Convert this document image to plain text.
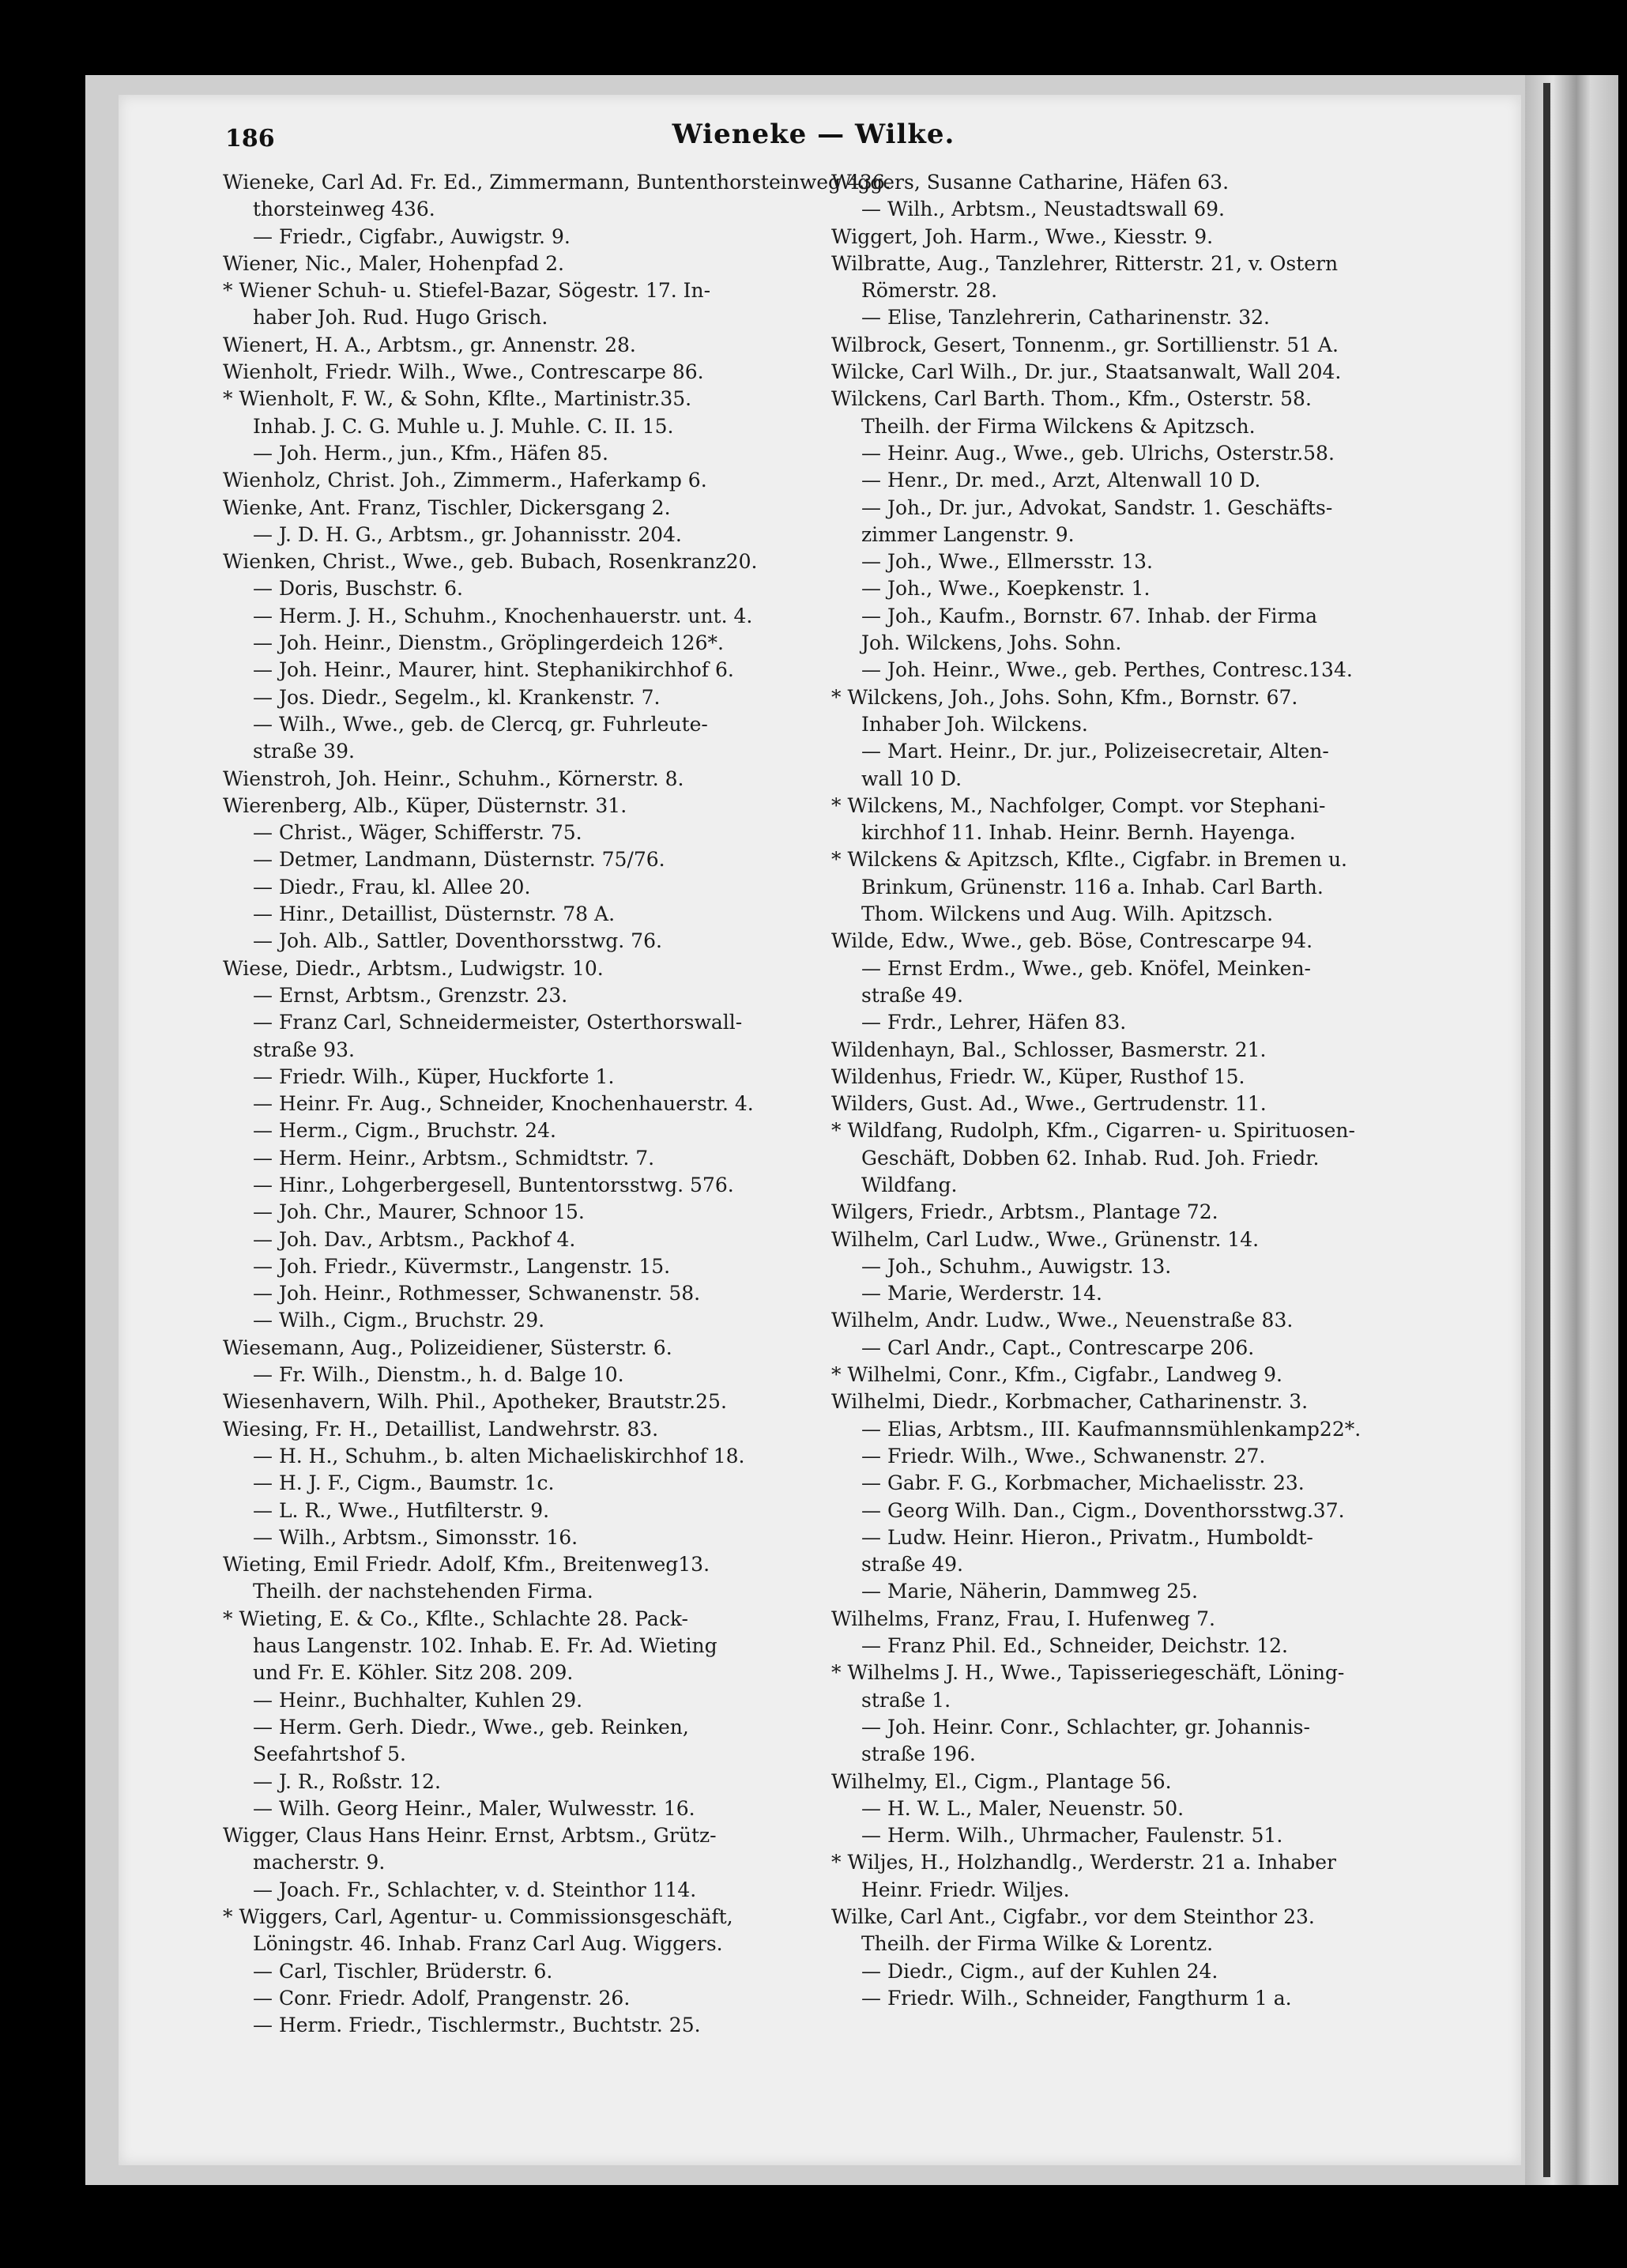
186	Wieneke — Wilke.
Wieneke, Carl Ad. Fr. Ed., Zimmermann, Buntenthorsteinweg 436.
thorsteinweg 436.
— Friedr., Cigfabr., Auwigstr. 9.
Wiener, Nic., Maler, Hohenpfad 2.
* Wiener Schuh- u. Stiefel-Bazar, Sögestr. 17. In-
haber Joh. Rud. Hugo Grisch.
Wienert, H. A., Arbtsm., gr. Annenstr. 28.
Wienholt, Friedr. Wilh., Wwe., Contrescarpe 86.
* Wienholt, F. W., & Sohn, Kflte., Martinistr.35.
Inhab. J. C. G. Muhle u. J. Muhle. C. II. 15.
— Joh. Herm., jun., Kfm., Häfen 85.
Wienholz, Christ. Joh., Zimmerm., Haferkamp 6.
Wienke, Ant. Franz, Tischler, Dickersgang 2.
— J. D. H. G., Arbtsm., gr. Johannisstr. 204.
Wienken, Christ., Wwe., geb. Bubach, Rosenkranz20.
— Doris, Buschstr. 6.
— Herm. J. H., Schuhm., Knochenhauerstr. unt. 4.
— Joh. Heinr., Dienstm., Gröplingerdeich 126*.
— Joh. Heinr., Maurer, hint. Stephanikirchhof 6.
— Jos. Diedr., Segelm., kl. Krankenstr. 7.
— Wilh., Wwe., geb. de Clercq, gr. Fuhrleute-
straße 39.
Wienstroh, Joh. Heinr., Schuhm., Körnerstr. 8.
Wierenberg, Alb., Küper, Düsternstr. 31.
— Christ., Wäger, Schifferstr. 75.
— Detmer, Landmann, Düsternstr. 75/76.
— Diedr., Frau, kl. Allee 20.
— Hinr., Detaillist, Düsternstr. 78 A.
— Joh. Alb., Sattler, Doventhorsstwg. 76.
Wiese, Diedr., Arbtsm., Ludwigstr. 10.
— Ernst, Arbtsm., Grenzstr. 23.
— Franz Carl, Schneidermeister, Osterthorswall-
straße 93.
— Friedr. Wilh., Küper, Huckforte 1.
— Heinr. Fr. Aug., Schneider, Knochenhauerstr. 4.
— Herm., Cigm., Bruchstr. 24.
— Herm. Heinr., Arbtsm., Schmidtstr. 7.
— Hinr., Lohgerbergesell, Buntentorsstwg. 576.
— Joh. Chr., Maurer, Schnoor 15.
— Joh. Dav., Arbtsm., Packhof 4.
— Joh. Friedr., Küvermstr., Langenstr. 15.
— Joh. Heinr., Rothmesser, Schwanenstr. 58.
— Wilh., Cigm., Bruchstr. 29.
Wiesemann, Aug., Polizeidiener, Süsterstr. 6.
— Fr. Wilh., Dienstm., h. d. Balge 10.
Wiesenhavern, Wilh. Phil., Apotheker, Brautstr.25.
Wiesing, Fr. H., Detaillist, Landwehrstr. 83.
— H. H., Schuhm., b. alten Michaeliskirchhof 18.
— H. J. F., Cigm., Baumstr. 1c.
— L. R., Wwe., Hutfilterstr. 9.
— Wilh., Arbtsm., Simonsstr. 16.
Wieting, Emil Friedr. Adolf, Kfm., Breitenweg13.
Theilh. der nachstehenden Firma.
* Wieting, E. & Co., Kflte., Schlachte 28. Pack-
haus Langenstr. 102. Inhab. E. Fr. Ad. Wieting
und Fr. E. Köhler. Sitz 208. 209.
— Heinr., Buchhalter, Kuhlen 29.
— Herm. Gerh. Diedr., Wwe., geb. Reinken,
Seefahrtshof 5.
— J. R., Roßstr. 12.
— Wilh. Georg Heinr., Maler, Wulwesstr. 16.
Wigger, Claus Hans Heinr. Ernst, Arbtsm., Grütz-
macherstr. 9.
— Joach. Fr., Schlachter, v. d. Steinthor 114.
* Wiggers, Carl, Agentur- u. Commissionsgeschäft,
Löningstr. 46. Inhab. Franz Carl Aug. Wiggers.
— Carl, Tischler, Brüderstr. 6.
— Conr. Friedr. Adolf, Prangenstr. 26.
— Herm. Friedr., Tischlermstr., Buchtstr. 25.
Wiggers, Susanne Catharine, Häfen 63.
— Wilh., Arbtsm., Neustadtswall 69.
Wiggert, Joh. Harm., Wwe., Kiesstr. 9.
Wilbratte, Aug., Tanzlehrer, Ritterstr. 21, v. Ostern
Römerstr. 28.
— Elise, Tanzlehrerin, Catharinenstr. 32.
Wilbrock, Gesert, Tonnenm., gr. Sortillienstr. 51 A.
Wilcke, Carl Wilh., Dr. jur., Staatsanwalt, Wall 204.
Wilckens, Carl Barth. Thom., Kfm., Osterstr. 58.
Theilh. der Firma Wilckens & Apitzsch.
— Heinr. Aug., Wwe., geb. Ulrichs, Osterstr.58.
— Henr., Dr. med., Arzt, Altenwall 10 D.
— Joh., Dr. jur., Advokat, Sandstr. 1. Geschäfts-
zimmer Langenstr. 9.
— Joh., Wwe., Ellmersstr. 13.
— Joh., Wwe., Koepkenstr. 1.
— Joh., Kaufm., Bornstr. 67. Inhab. der Firma
Joh. Wilckens, Johs. Sohn.
— Joh. Heinr., Wwe., geb. Perthes, Contresc.134.
* Wilckens, Joh., Johs. Sohn, Kfm., Bornstr. 67.
Inhaber Joh. Wilckens.
— Mart. Heinr., Dr. jur., Polizeisecretair, Alten-
wall 10 D.
* Wilckens, M., Nachfolger, Compt. vor Stephani-
kirchhof 11. Inhab. Heinr. Bernh. Hayenga.
* Wilckens & Apitzsch, Kflte., Cigfabr. in Bremen u.
Brinkum, Grünenstr. 116 a. Inhab. Carl Barth.
Thom. Wilckens und Aug. Wilh. Apitzsch.
Wilde, Edw., Wwe., geb. Böse, Contrescarpe 94.
— Ernst Erdm., Wwe., geb. Knöfel, Meinken-
straße 49.
— Frdr., Lehrer, Häfen 83.
Wildenhayn, Bal., Schlosser, Basmerstr. 21.
Wildenhus, Friedr. W., Küper, Rusthof 15.
Wilders, Gust. Ad., Wwe., Gertrudenstr. 11.
* Wildfang, Rudolph, Kfm., Cigarren- u. Spirituosen-
Geschäft, Dobben 62. Inhab. Rud. Joh. Friedr.
Wildfang.
Wilgers, Friedr., Arbtsm., Plantage 72.
Wilhelm, Carl Ludw., Wwe., Grünenstr. 14.
— Joh., Schuhm., Auwigstr. 13.
— Marie, Werderstr. 14.
Wilhelm, Andr. Ludw., Wwe., Neuenstraße 83.
— Carl Andr., Capt., Contrescarpe 206.
* Wilhelmi, Conr., Kfm., Cigfabr., Landweg 9.
Wilhelmi, Diedr., Korbmacher, Catharinenstr. 3.
— Elias, Arbtsm., III. Kaufmannsmühlenkamp22*.
— Friedr. Wilh., Wwe., Schwanenstr. 27.
— Gabr. F. G., Korbmacher, Michaelisstr. 23.
— Georg Wilh. Dan., Cigm., Doventhorsstwg.37.
— Ludw. Heinr. Hieron., Privatm., Humboldt-
straße 49.
— Marie, Näherin, Dammweg 25.
Wilhelms, Franz, Frau, I. Hufenweg 7.
— Franz Phil. Ed., Schneider, Deichstr. 12.
* Wilhelms J. H., Wwe., Tapisseriegeschäft, Löning-
straße 1.
— Joh. Heinr. Conr., Schlachter, gr. Johannis-
straße 196.
Wilhelmy, El., Cigm., Plantage 56.
— H. W. L., Maler, Neuenstr. 50.
— Herm. Wilh., Uhrmacher, Faulenstr. 51.
* Wiljes, H., Holzhandlg., Werderstr. 21 a. Inhaber
Heinr. Friedr. Wiljes.
Wilke, Carl Ant., Cigfabr., vor dem Steinthor 23.
Theilh. der Firma Wilke & Lorentz.
— Diedr., Cigm., auf der Kuhlen 24.
— Friedr. Wilh., Schneider, Fangthurm 1 a.
